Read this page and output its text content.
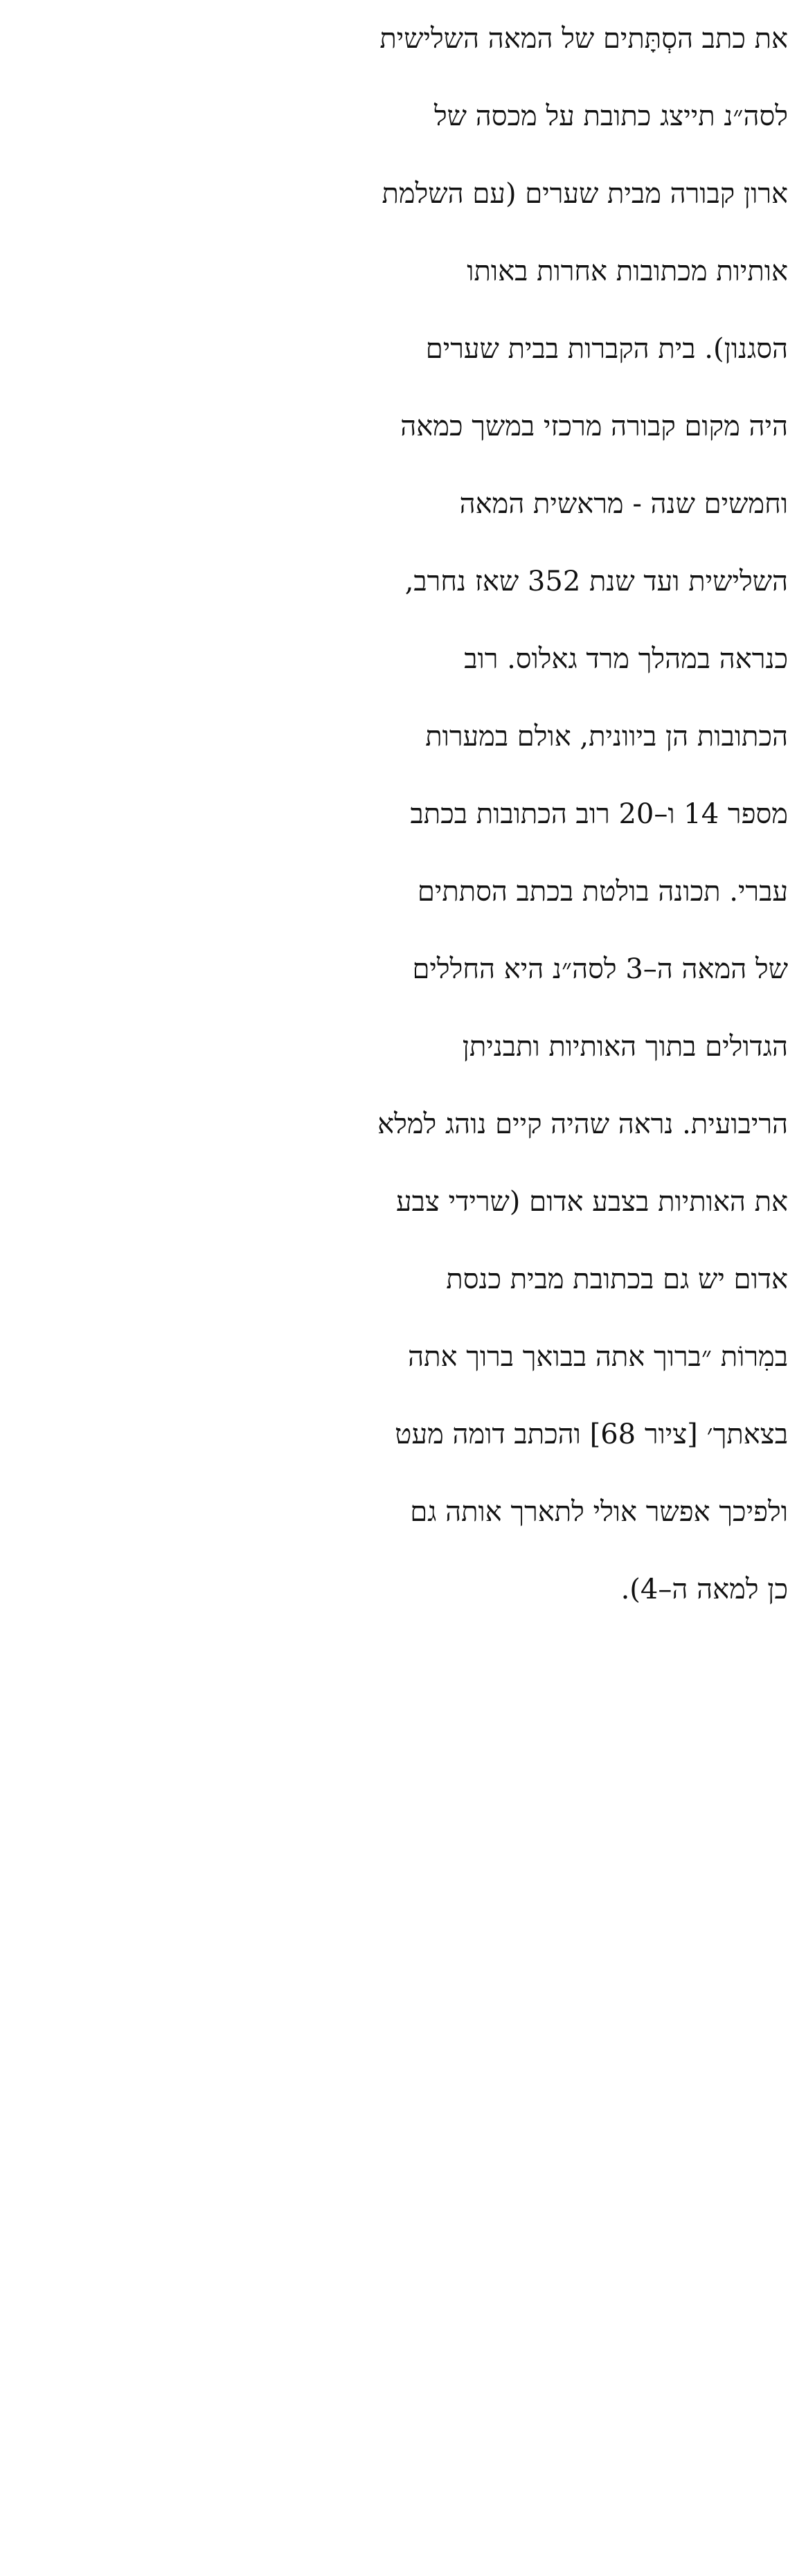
את כתב הסְתָּתים של המאה השלישית
לסה״נ תייצג כתובת על מכסה של
ארון קבורה מבית שערים (עם השלמת
אותיות מכתובות אחרות באותו
הסגנון). בית הקברות בבית שערים
היה מקום קבורה מרכזי במשך כמאה
וחמשים שנה - מראשית המאה
השלישית ועד שנת 352 שאז נחרב,
כנראה במהלך מרד גאלוס. רוב
הכתובות הן ביוונית, אולם במערות
מספר 14 ו–20 רוב הכתובות בכתב
עברי. תכונה בולטת בכתב הסתתים
של המאה ה–3 לסה״נ היא החללים
הגדולים בתוך האותיות ותבניתן
הריבועית. נראה שהיה קיים נוהג למלא
את האותיות בצבע אדום (שרידי צבע
אדום יש גם בכתובת מבית כנסת
במִרוֹת ״ברוך אתה בבואך ברוך אתה
בצאתך׳ [ציור 68] והכתב דומה מעט
ולפיכך אפשר אולי לתארך אותה גם
כן למאה ה–4).
